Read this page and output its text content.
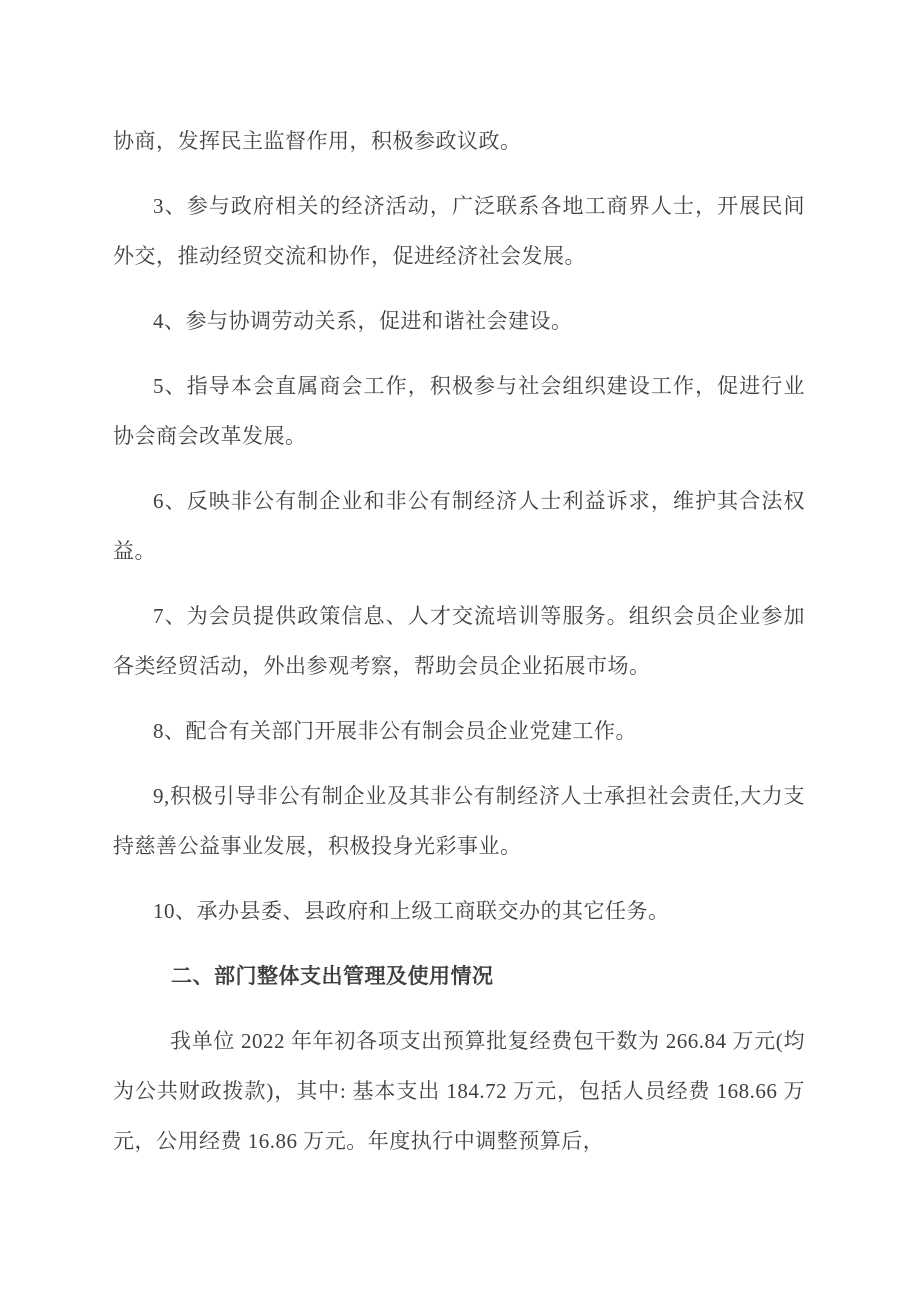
协商，发挥民主监督作用，积极参政议政。

3、参与政府相关的经济活动，广泛联系各地工商界人士，开展民间外交，推动经贸交流和协作，促进经济社会发展。

4、参与协调劳动关系，促进和谐社会建设。

5、指导本会直属商会工作，积极参与社会组织建设工作，促进行业协会商会改革发展。

6、反映非公有制企业和非公有制经济人士利益诉求，维护其合法权益。

7、为会员提供政策信息、人才交流培训等服务。组织会员企业参加各类经贸活动，外出参观考察，帮助会员企业拓展市场。

8、配合有关部门开展非公有制会员企业党建工作。

9,积极引导非公有制企业及其非公有制经济人士承担社会责任,大力支持慈善公益事业发展，积极投身光彩事业。

10、承办县委、县政府和上级工商联交办的其它任务。

二、部门整体支出管理及使用情况

我单位 2022 年年初各项支出预算批复经费包干数为 266.84 万元(均为公共财政拨款)，其中: 基本支出 184.72 万元，包括人员经费 168.66 万元，公用经费 16.86 万元。年度执行中调整预算后，
